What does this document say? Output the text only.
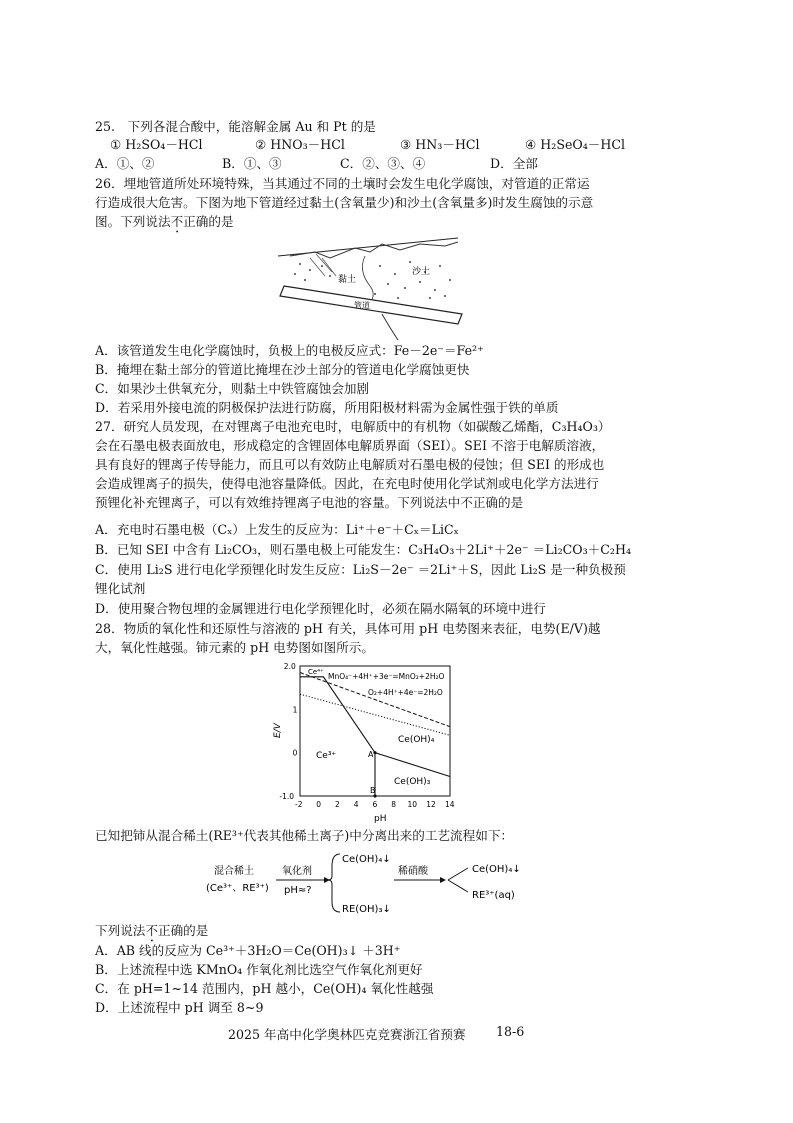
25.　下列各混合酸中，能溶解金属 Au 和 Pt 的是
① H₂SO₄－HCl	② HNO₃－HCl	③ HN₃－HCl	④ H₂SeO₄－HCl
A．①、②	B．①、③	C．②、③、④	D．全部
26．埋地管道所处环境特殊，当其通过不同的土壤时会发生电化学腐蚀，对管道的正常运
行造成很大危害。下图为地下管道经过黏土(含氧量少)和沙土(含氧量多)时发生腐蚀的示意
图。下列说法不正确的是
黏土
沙土
管道
A．该管道发生电化学腐蚀时，负极上的电极反应式：Fe－2e⁻＝Fe²⁺
B．掩埋在黏土部分的管道比掩埋在沙土部分的管道电化学腐蚀更快
C．如果沙土供氧充分，则黏土中铁管腐蚀会加剧
D．若采用外接电流的阴极保护法进行防腐，所用阳极材料需为金属性强于铁的单质
27．研究人员发现，在对锂离子电池充电时，电解质中的有机物（如碳酸乙烯酯，C₃H₄O₃）
会在石墨电极表面放电，形成稳定的含锂固体电解质界面（SEI）。SEI 不溶于电解质溶液，
具有良好的锂离子传导能力，而且可以有效防止电解质对石墨电极的侵蚀；但 SEI 的形成也
会造成锂离子的损失，使得电池容量降低。因此，在充电时使用化学试剂或电化学方法进行
预锂化补充锂离子，可以有效维持锂离子电池的容量。下列说法中不正确的是
A．充电时石墨电极（Cₓ）上发生的反应为：Li⁺＋e⁻＋Cₓ＝LiCₓ
B．已知 SEI 中含有 Li₂CO₃，则石墨电极上可能发生：C₃H₄O₃＋2Li⁺＋2e⁻ ＝Li₂CO₃＋C₂H₄
C．使用 Li₂S 进行电化学预锂化时发生反应：Li₂S－2e⁻ ＝2Li⁺＋S，因此 Li₂S 是一种负极预
锂化试剂
D．使用聚合物包埋的金属锂进行电化学预锂化时，必须在隔水隔氧的环境中进行
28．物质的氧化性和还原性与溶液的 pH 有关，具体可用 pH 电势图来表征，电势(E/V)越
大，氧化性越强。铈元素的 pH 电势图如图所示。
-2 0 2 4 6 8 10 12 14
2.0
1
0
-1.0
E/V
pH
Ce⁴⁺
Ce³⁺
Ce(OH)₄
Ce(OH)₃
MnO₄⁻+4H⁺+3e⁻=MnO₂+2H₂O
O₂+4H⁺+4e⁻=2H₂O
A
B
已知把铈从混合稀土(RE³⁺代表其他稀土离子)中分离出来的工艺流程如下：
混合稀土
(Ce³⁺、RE³⁺)
氧化剂
pH≈?
Ce(OH)₄↓
RE(OH)₃↓
稀硝酸	Ce(OH)₄↓
RE³⁺(aq)
下列说法不正确的是
A．AB 线的反应为 Ce³⁺＋3H₂O＝Ce(OH)₃↓ ＋3H⁺
B．上述流程中选 KMnO₄ 作氧化剂比选空气作氧化剂更好
C．在 pH=1~14 范围内，pH 越小，Ce(OH)₄ 氧化性越强
D．上述流程中 pH 调至 8~9
2025 年高中化学奥林匹克竞赛浙江省预赛 18-6
